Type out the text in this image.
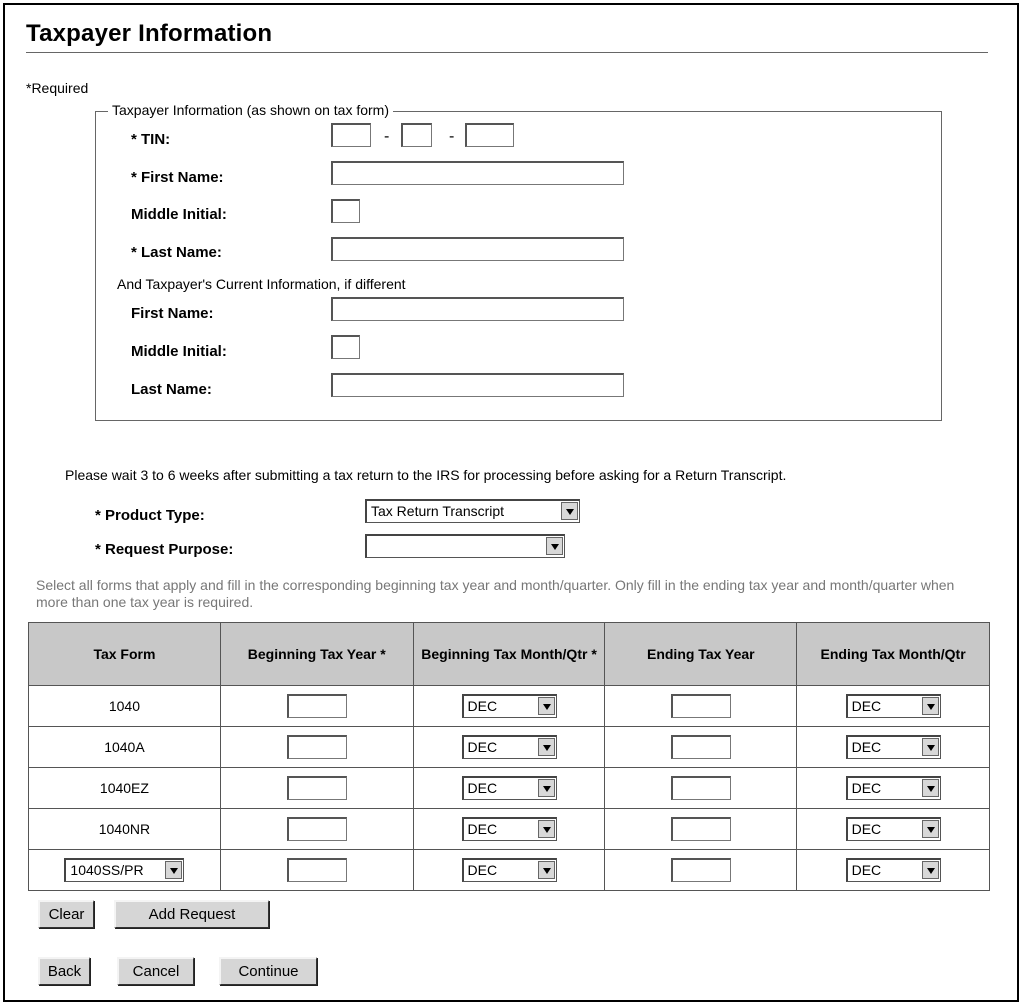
Taxpayer Information
*Required
Taxpayer Information (as shown on tax form)
* TIN:	-	-
* First Name:
Middle Initial:
* Last Name:
And Taxpayer's Current Information, if different
First Name:
Middle Initial:
Last Name:
Please wait 3 to 6 weeks after submitting a tax return to the IRS for processing before asking for a Return Transcript.
* Product Type:	Tax Return Transcript
* Request Purpose:
Select all forms that apply and fill in the corresponding beginning tax year and month/quarter. Only fill in the ending tax year and month/quarter when more than one tax year is required.
Tax Form	Beginning Tax Year *	Beginning Tax Month/Qtr *	Ending Tax Year	Ending Tax Month/Qtr
1040		DEC		DEC

1040A		DEC		DEC

1040EZ		DEC		DEC

1040NR		DEC		DEC

1040SS/PR		DEC		DEC
Clear	Add Request
Back	Cancel	Continue
